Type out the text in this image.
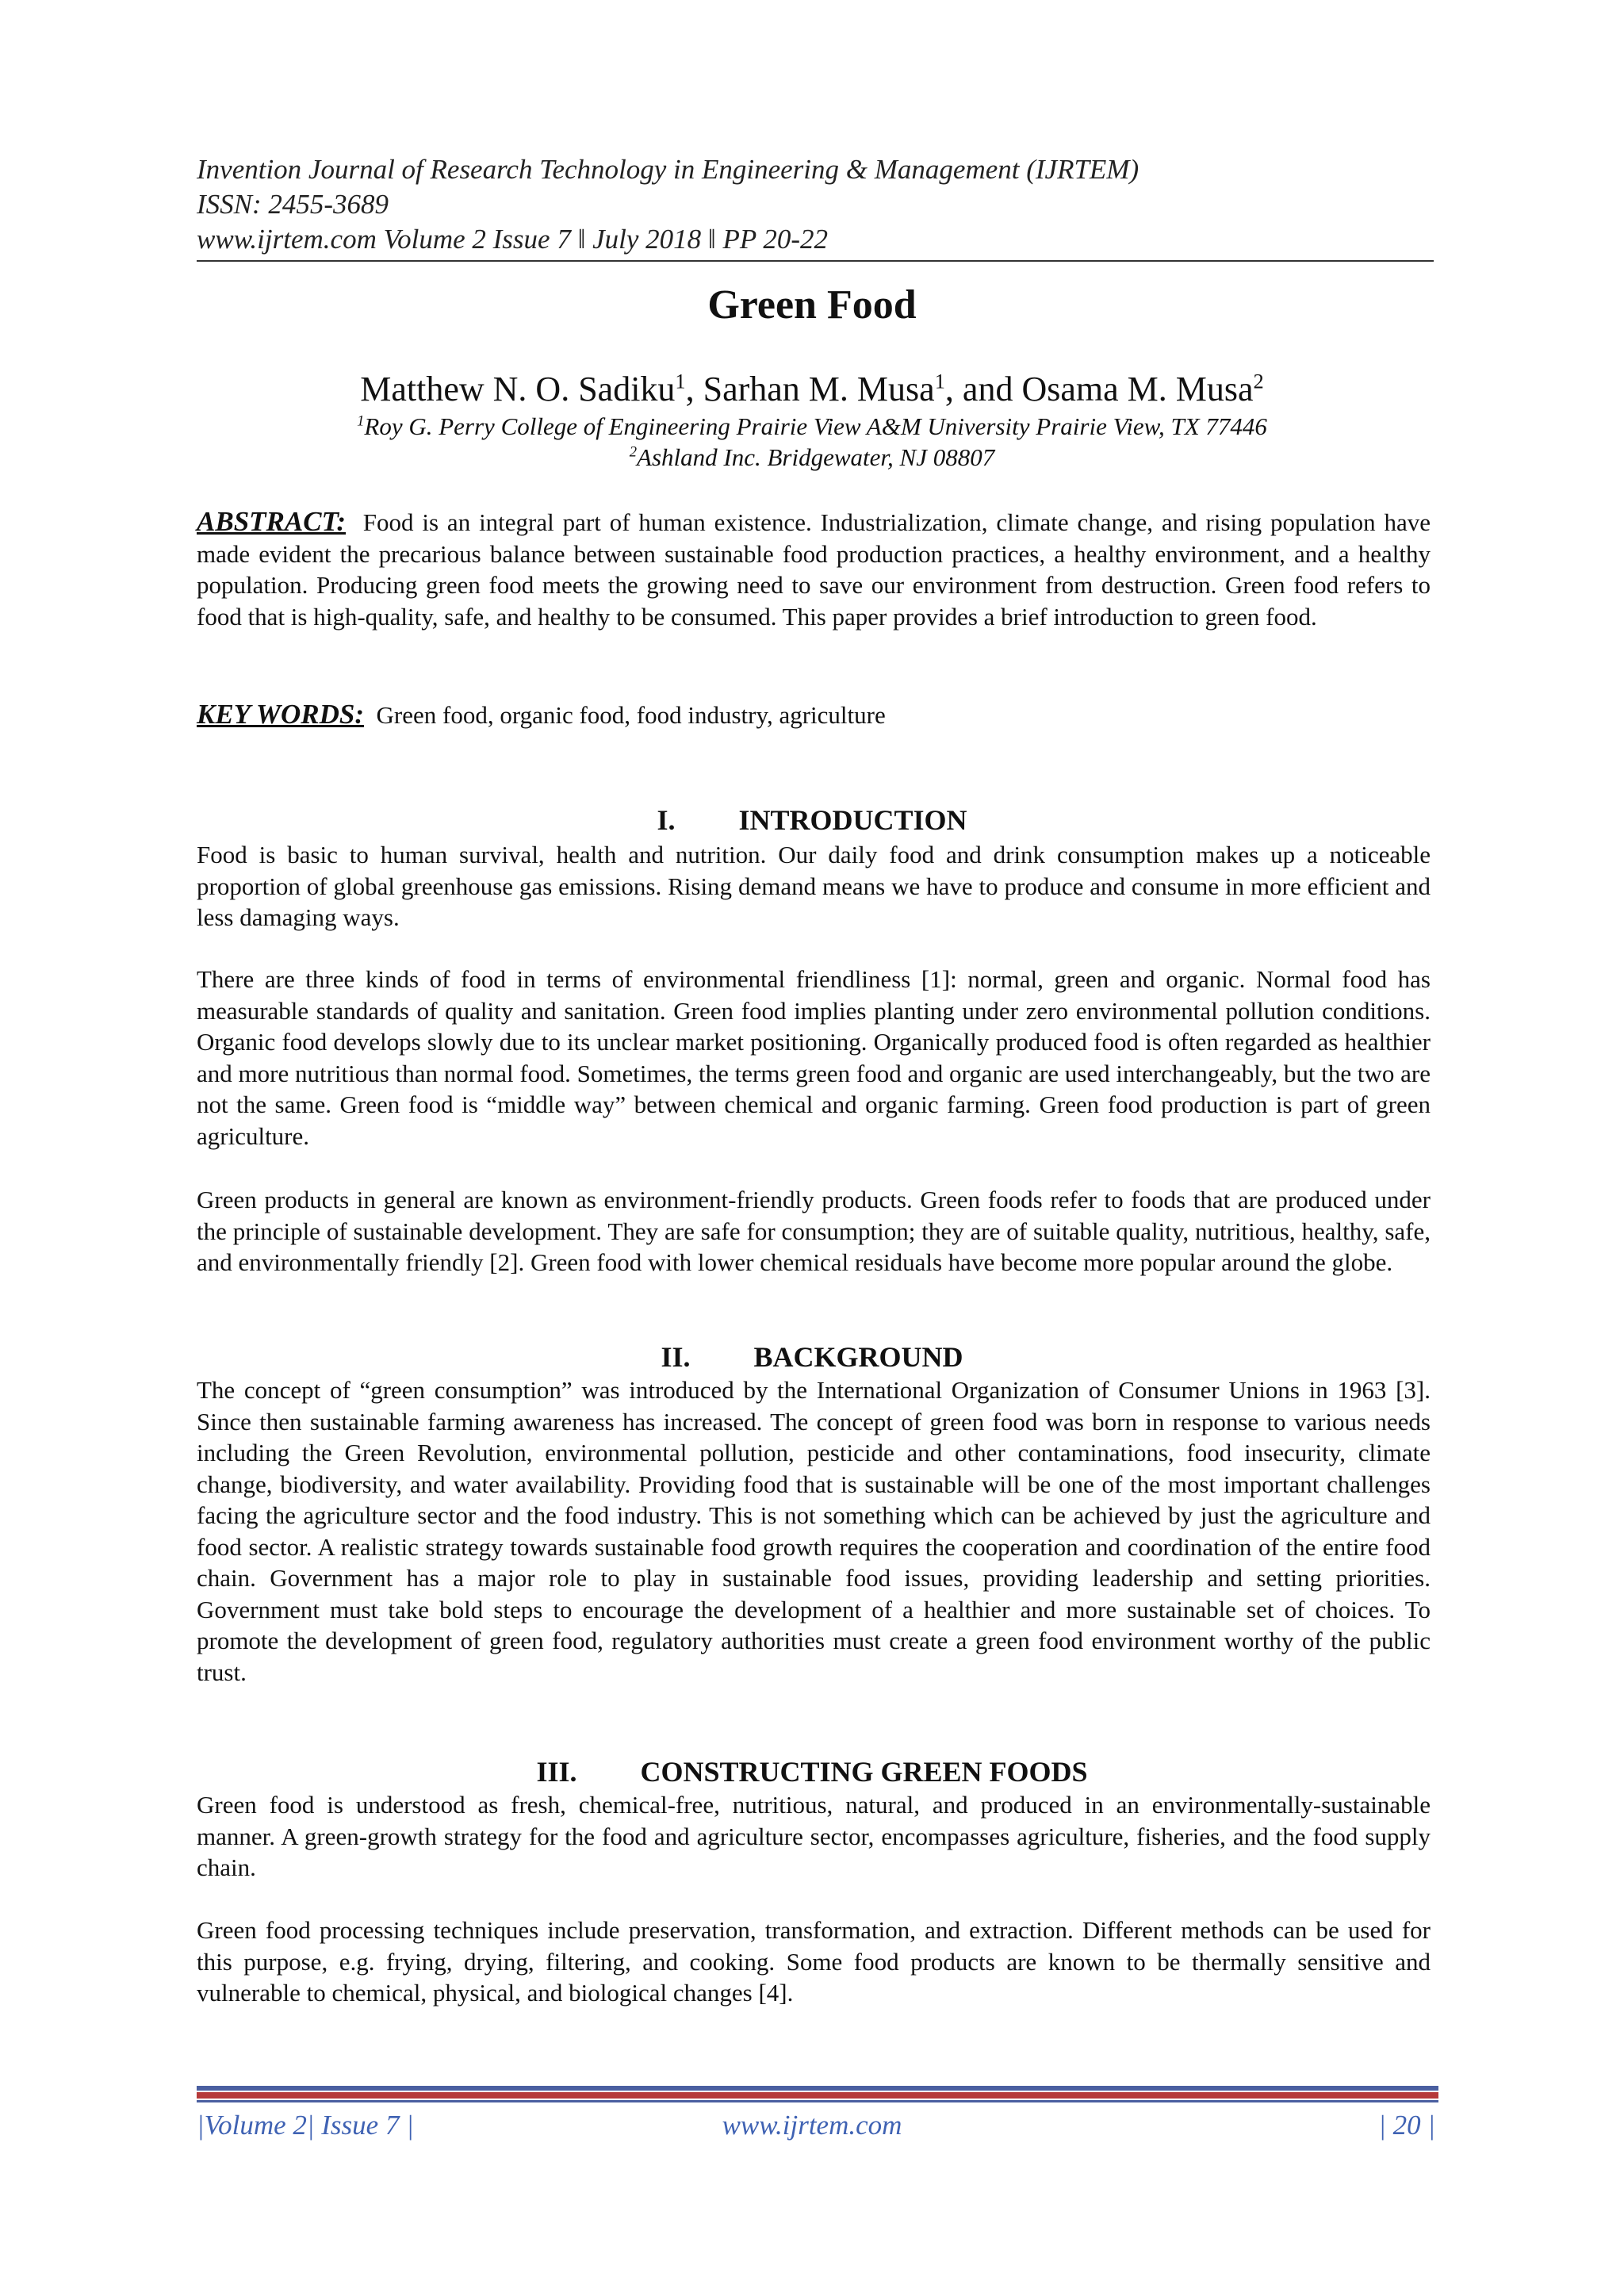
Invention Journal of Research Technology in Engineering & Management (IJRTEM)
ISSN: 2455-3689
www.ijrtem.com Volume 2 Issue 7 ǁ July 2018 ǁ PP 20-22
Green Food
Matthew N. O. Sadiku$^1$, Sarhan M. Musa$^1$, and Osama M. Musa$^2$
$^1$Roy G. Perry College of Engineering Prairie View A&M University Prairie View, TX 77446
$^2$Ashland Inc. Bridgewater, NJ 08807

ABSTRACT: Food is an integral part of human existence. Industrialization, climate change, and rising population have made evident the precarious balance between sustainable food production practices, a healthy environment, and a healthy population. Producing green food meets the growing need to save our environment from destruction. Green food refers to food that is high-quality, safe, and healthy to be consumed. This paper provides a brief introduction to green food.

KEY WORDS: Green food, organic food, food industry, agriculture

I. INTRODUCTION

Food is basic to human survival, health and nutrition. Our daily food and drink consumption makes up a noticeable proportion of global greenhouse gas emissions. Rising demand means we have to produce and consume in more efficient and less damaging ways.

There are three kinds of food in terms of environmental friendliness [1]: normal, green and organic. Normal food has measurable standards of quality and sanitation. Green food implies planting under zero environmental pollution conditions. Organic food develops slowly due to its unclear market positioning. Organically produced food is often regarded as healthier and more nutritious than normal food. Sometimes, the terms green food and organic are used interchangeably, but the two are not the same. Green food is “middle way” between chemical and organic farming. Green food production is part of green agriculture.

Green products in general are known as environment-friendly products. Green foods refer to foods that are produced under the principle of sustainable development. They are safe for consumption; they are of suitable quality, nutritious, healthy, safe, and environmentally friendly [2]. Green food with lower chemical residuals have become more popular around the globe.

II. BACKGROUND

The concept of “green consumption” was introduced by the International Organization of Consumer Unions in 1963 [3]. Since then sustainable farming awareness has increased. The concept of green food was born in response to various needs including the Green Revolution, environmental pollution, pesticide and other contaminations, food insecurity, climate change, biodiversity, and water availability. Providing food that is sustainable will be one of the most important challenges facing the agriculture sector and the food industry. This is not something which can be achieved by just the agriculture and food sector. A realistic strategy towards sustainable food growth requires the cooperation and coordination of the entire food chain. Government has a major role to play in sustainable food issues, providing leadership and setting priorities. Government must take bold steps to encourage the development of a healthier and more sustainable set of choices. To promote the development of green food, regulatory authorities must create a green food environment worthy of the public trust.

III. CONSTRUCTING GREEN FOODS

Green food is understood as fresh, chemical-free, nutritious, natural, and produced in an environmentally-sustainable manner. A green-growth strategy for the food and agriculture sector, encompasses agriculture, fisheries, and the food supply chain.

Green food processing techniques include preservation, transformation, and extraction. Different methods can be used for this purpose, e.g. frying, drying, filtering, and cooking. Some food products are known to be thermally sensitive and vulnerable to chemical, physical, and biological changes [4].

|Volume 2| Issue 7 |	www.ijrtem.com	| 20 |
